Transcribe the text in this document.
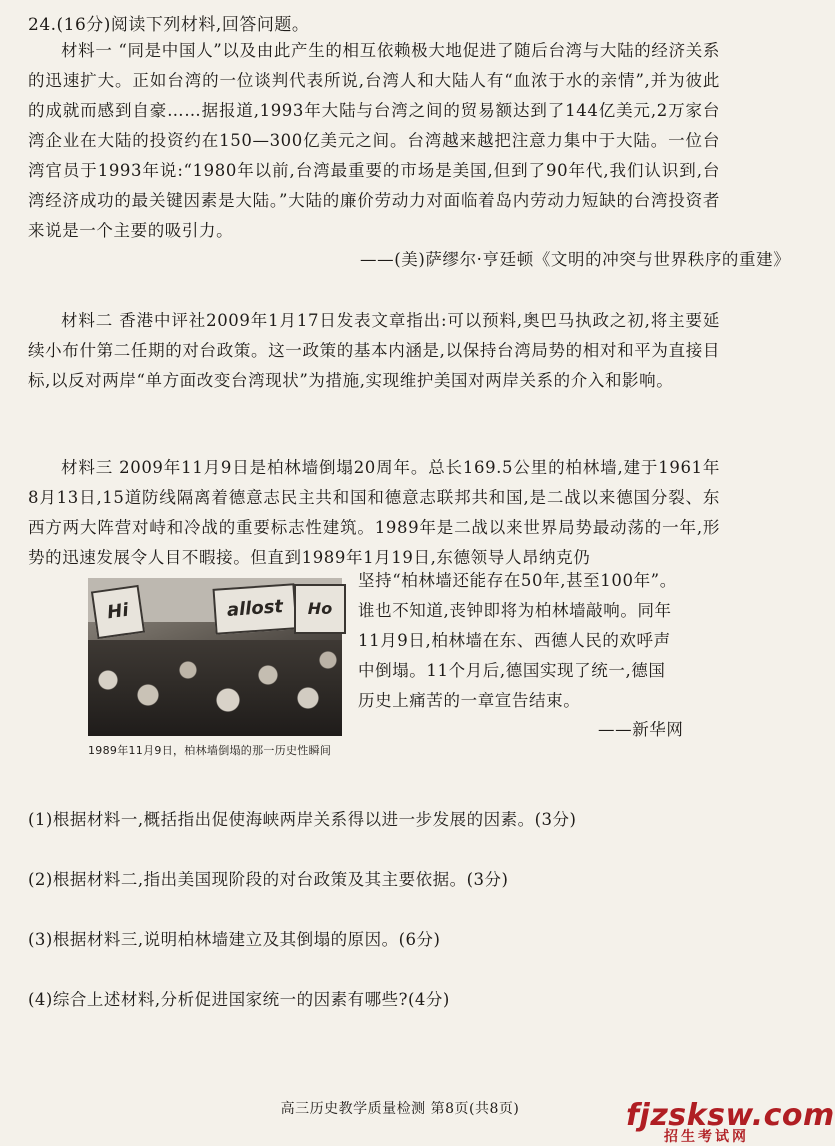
24.(16分)阅读下列材料,回答问题。

材料一 “同是中国人”以及由此产生的相互依赖极大地促进了随后台湾与大陆的经济关系的迅速扩大。正如台湾的一位谈判代表所说,台湾人和大陆人有“血浓于水的亲情”,并为彼此的成就而感到自豪……据报道,1993年大陆与台湾之间的贸易额达到了144亿美元,2万家台湾企业在大陆的投资约在150—300亿美元之间。台湾越来越把注意力集中于大陆。一位台湾官员于1993年说:“1980年以前,台湾最重要的市场是美国,但到了90年代,我们认识到,台湾经济成功的最关键因素是大陆。”大陆的廉价劳动力对面临着岛内劳动力短缺的台湾投资者来说是一个主要的吸引力。

——(美)萨缪尔·亨廷顿《文明的冲突与世界秩序的重建》

材料二 香港中评社2009年1月17日发表文章指出:可以预料,奥巴马执政之初,将主要延续小布什第二任期的对台政策。这一政策的基本内涵是,以保持台湾局势的相对和平为直接目标,以反对两岸“单方面改变台湾现状”为措施,实现维护美国对两岸关系的介入和影响。

材料三 2009年11月9日是柏林墙倒塌20周年。总长169.5公里的柏林墙,建于1961年8月13日,15道防线隔离着德意志民主共和国和德意志联邦共和国,是二战以来德国分裂、东西方两大阵营对峙和冷战的重要标志性建筑。1989年是二战以来世界局势最动荡的一年,形势的迅速发展令人目不暇接。但直到1989年1月19日,东德领导人昂纳克仍

Hi	allost	Ho
1989年11月9日，柏林墙倒塌的那一历史性瞬间
坚持“柏林墙还能存在50年,甚至100年”。
谁也不知道,丧钟即将为柏林墙敲响。同年
11月9日,柏林墙在东、西德人民的欢呼声
中倒塌。11个月后,德国实现了统一,德国
历史上痛苦的一章宣告结束。
——新华网
(1)根据材料一,概括指出促使海峡两岸关系得以进一步发展的因素。(3分)
(2)根据材料二,指出美国现阶段的对台政策及其主要依据。(3分)
(3)根据材料三,说明柏林墙建立及其倒塌的原因。(6分)
(4)综合上述材料,分析促进国家统一的因素有哪些?(4分)
高三历史教学质量检测 第8页(共8页)	fjzsksw.com
招生考试网
